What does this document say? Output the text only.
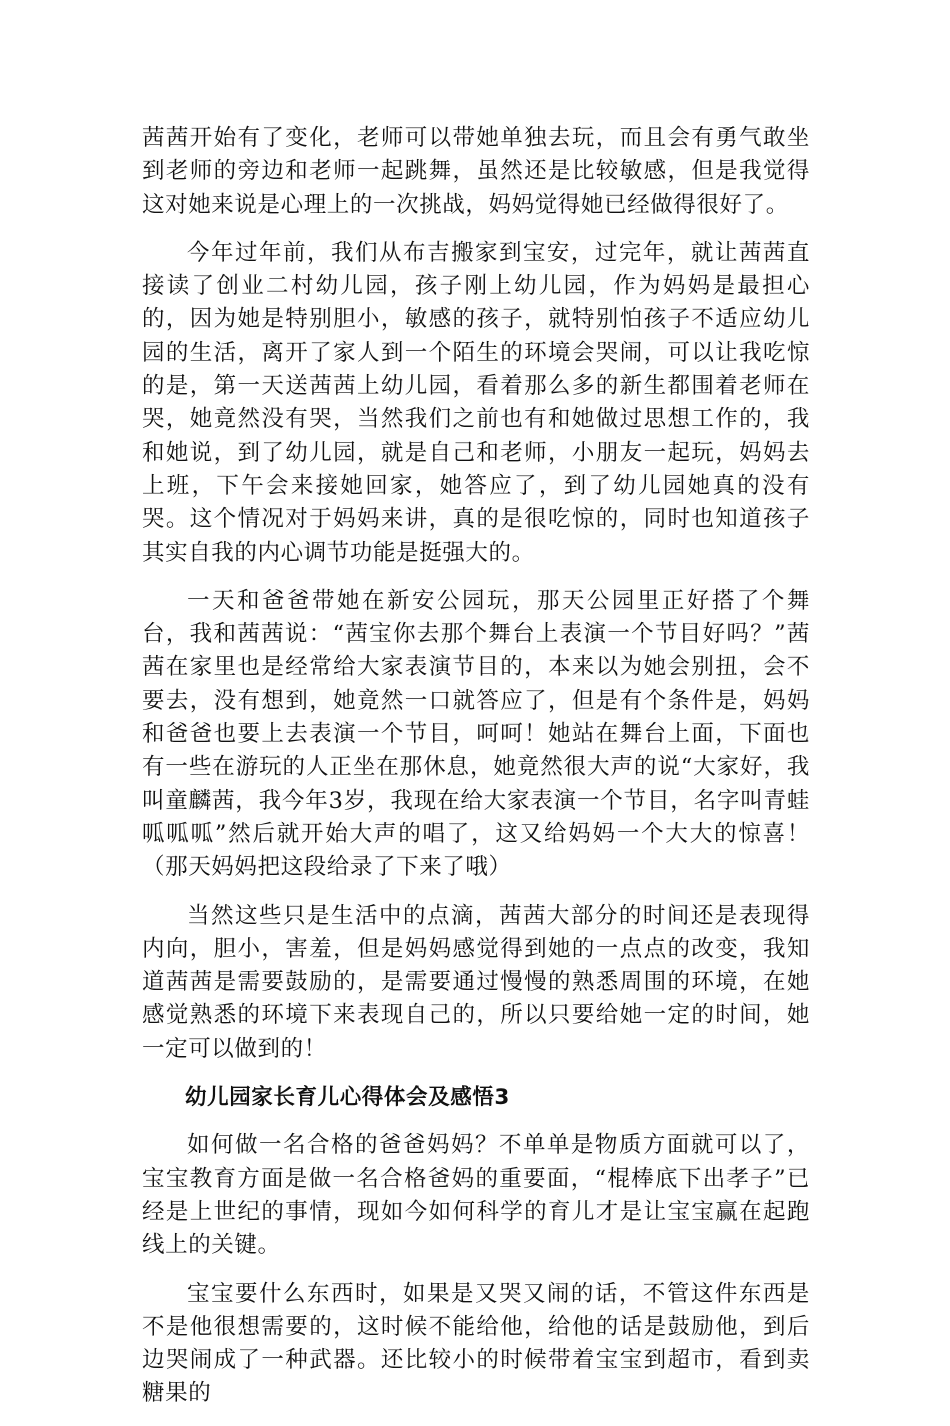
茜茜开始有了变化，老师可以带她单独去玩，而且会有勇气敢坐到老师的旁边和老师一起跳舞，虽然还是比较敏感，但是我觉得这对她来说是心理上的一次挑战，妈妈觉得她已经做得很好了。

今年过年前，我们从布吉搬家到宝安，过完年，就让茜茜直接读了创业二村幼儿园，孩子刚上幼儿园，作为妈妈是最担心的，因为她是特别胆小，敏感的孩子，就特别怕孩子不适应幼儿园的生活，离开了家人到一个陌生的环境会哭闹，可以让我吃惊的是，第一天送茜茜上幼儿园，看着那么多的新生都围着老师在哭，她竟然没有哭，当然我们之前也有和她做过思想工作的，我和她说，到了幼儿园，就是自己和老师，小朋友一起玩，妈妈去上班，下午会来接她回家，她答应了，到了幼儿园她真的没有哭。这个情况对于妈妈来讲，真的是很吃惊的，同时也知道孩子其实自我的内心调节功能是挺强大的。

一天和爸爸带她在新安公园玩，那天公园里正好搭了个舞台，我和茜茜说：“茜宝你去那个舞台上表演一个节目好吗？”茜茜在家里也是经常给大家表演节目的，本来以为她会别扭，会不要去，没有想到，她竟然一口就答应了，但是有个条件是，妈妈和爸爸也要上去表演一个节目，呵呵！她站在舞台上面，下面也有一些在游玩的人正坐在那休息，她竟然很大声的说“大家好，我叫童麟茜，我今年3岁，我现在给大家表演一个节目，名字叫青蛙呱呱呱”然后就开始大声的唱了，这又给妈妈一个大大的惊喜！（那天妈妈把这段给录了下来了哦）

当然这些只是生活中的点滴，茜茜大部分的时间还是表现得内向，胆小，害羞，但是妈妈感觉得到她的一点点的改变，我知道茜茜是需要鼓励的，是需要通过慢慢的熟悉周围的环境，在她感觉熟悉的环境下来表现自己的，所以只要给她一定的时间，她一定可以做到的！

幼儿园家长育儿心得体会及感悟3

如何做一名合格的爸爸妈妈？不单单是物质方面就可以了，宝宝教育方面是做一名合格爸妈的重要面，“棍棒底下出孝子”已经是上世纪的事情，现如今如何科学的育儿才是让宝宝赢在起跑线上的关键。

宝宝要什么东西时，如果是又哭又闹的话，不管这件东西是不是他很想需要的，这时候不能给他，给他的话是鼓励他，到后边哭闹成了一种武器。还比较小的时候带着宝宝到超市，看到卖糖果的
